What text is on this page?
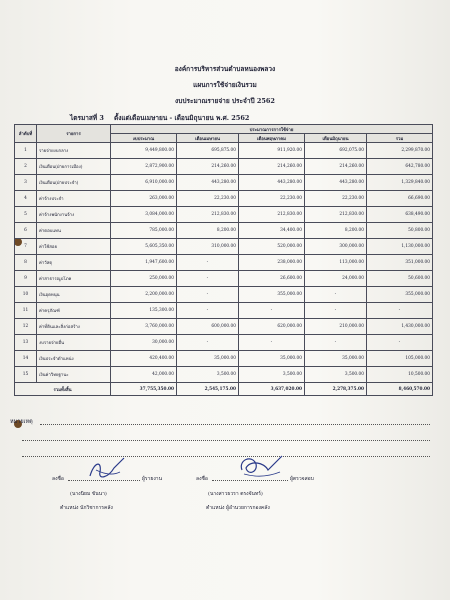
องค์การบริหารส่วนตำบลหนองพลวง
แผนการใช้จ่ายเงินรวม
งบประมาณรายจ่าย ประจำปี 2562
ไตรมาสที่ 3 ตั้งแต่เดือนเมษายน - เดือนมิถุนายน พ.ศ. 2562
ลำดับที่	รายการ	ประมาณการการใช้จ่าย				
		งบประมาณ	เดือนเมษายน	เดือนพฤษภาคม	เดือนมิถุนายน	รวม
1	รายจ่ายงบกลาง	9,449,800.00	695,875.00	911,920.00	692,075.00	2,299,870.00
2	เงินเดือน(ฝ่ายการเมือง)	2,872,900.00	214,260.00	214,260.00	214,260.00	642,780.00
3	เงินเดือน(ฝ่ายประจำ)	6,910,000.00	443,280.00	443,280.00	443,280.00	1,329,840.00
4	ค่าจ้างประจำ	263,000.00	22,230.00	22,230.00	22,230.00	66,690.00
5	ค่าจ้างพนักงานจ้าง	3,084,000.00	212,830.00	212,830.00	212,830.00	638,490.00
6	ค่าตอบแทน	785,000.00	8,200.00	34,400.00	8,200.00	50,800.00
7	ค่าใช้สอย	5,605,350.00	310,000.00	520,000.00	300,000.00	1,130,000.00
8	ค่าวัสดุ	1,947,600.00	-	238,000.00	113,000.00	351,000.00
9	ค่าสาธารณูปโภค	250,000.00	-	26,600.00	24,000.00	50,600.00
10	เงินอุดหนุน	2,200,000.00	-	355,000.00	-	355,000.00
11	ค่าครุภัณฑ์	135,300.00	-	-	-	-
12	ค่าที่ดินและสิ่งก่อสร้าง	3,760,000.00	600,000.00	620,000.00	210,000.00	1,430,000.00
13	งบรายจ่ายอื่น	30,000.00	-	-	-	-
14	เงินประจำตำแหน่ง	420,400.00	35,000.00	35,000.00	35,000.00	105,000.00
15	เงินค่าวิทยฐานะ	42,000.00	3,500.00	3,500.00	3,500.00	10,500.00
รวมทั้งสิ้น		37,755,350.00	2,545,175.00	3,637,020.00	2,278,375.00	8,460,570.00
หมายเหตุ
ลงชื่อ	ผู้รายงาน
(นางนิยม ขันนา)
ตำแหน่ง นักวิชาการคลัง
ลงชื่อ	ผู้ตรวจสอบ
(นางสาวธวรา ตรงจันทร์)
ตำแหน่ง ผู้อำนวยการกองคลัง
